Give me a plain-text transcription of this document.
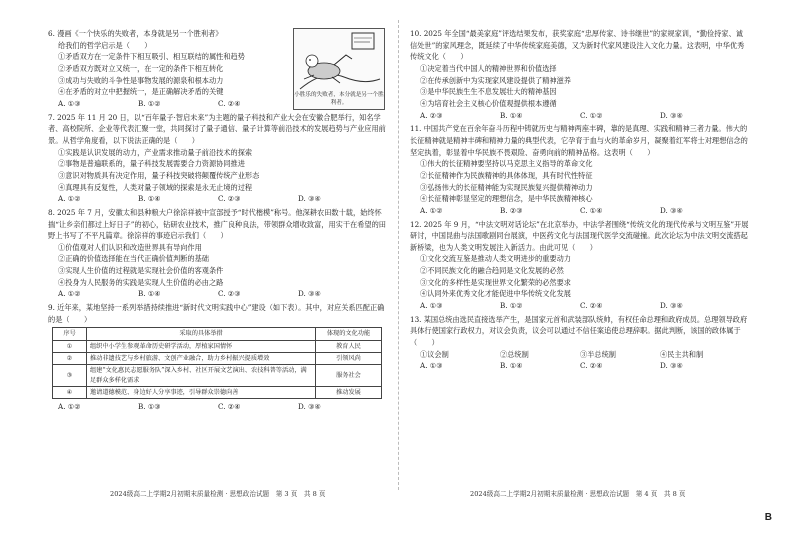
6. 漫画《一个快乐的失败者，本身就是另一个胜利者》
给我们的哲学启示是（　　）
①矛盾双方在一定条件下相互吸引、相互联结的属性和趋势
②矛盾双方既对立又统一，在一定的条件下相互转化
③成功与失败的斗争性是事物发展的源泉和根本动力
④在矛盾的对立中把握统一，是正确解决矛盾的关键
A. ①③	B. ①②	C. ②④
小胜乐的失败者，本分就是另一个胜利者。
7. 2025 年 11 月 20 日，以“百年量子·智启未来”为主题的量子科技和产业大会在安徽合肥举行，知名学者、高校院所、企业等代表汇聚一堂，共同探讨了量子通信、量子计算等前沿技术的发展趋势与产业应用前景。从哲学角度看，以下说法正确的是（　　）
①实践是认识发展的动力，产业需求推动量子前沿技术的探索
②事物是普遍联系的，量子科技发展需要合力资源协同推进
③意识对物质具有决定作用，量子科技突破将颠覆传统产业形态
④真理具有反复性，人类对量子领域的探索是永无止境的过程
A. ①②	B. ①④	C. ②③	D. ③④
8. 2025 年 7 月，安徽太和县种粮大户徐淙祥被中宣部授予“时代楷模”称号。他深耕农田数十载，始终怀揣“让乡亲们都过上好日子”的初心，钻研农业技术，推广良种良法，带领群众增收致富，用实干在希望的田野上书写了不平凡篇章。徐淙祥的事迹启示我们（　　）
①价值观对人们认识和改造世界具有导向作用
②正确的价值选择能在当代正确价值判断的基础
③实现人生价值的过程就是实现社会价值的客观条件
④投身为人民服务的实践是实现人生价值的必由之路
A. ①②	B. ①④	C. ②③	D. ③④
9. 近年来，某地坚持一系列举措持续推进“新时代文明实践中心”建设（如下表）。其中，对应关系匹配正确的是（　　）
序号	采取的具体举措	体现的文化功能
①	组织中小学生参观革命历史研学活动，厚植家国情怀	教育人民
②	推动非遗技艺与乡村旅游、文创产业融合，助力乡村振兴提质增效	引领风尚
③	组建“文化惠民志愿服务队”深入乡村、社区开展文艺演出、农技科普等活动，满足群众多样化需求	服务社会
④	邀请道德模范、身边好人分享事迹，引导群众崇德向善	推动发展
A. ①②	B. ①③	C. ②④	D. ③④
10. 2025 年全国“最美家庭”评选结果发布，获奖家庭“忠厚传家、诗书继世”的家规家训，“勤俭持家、诚信处世”的家风理念，既延续了中华传统家庭美德，又为新时代家风建设注入文化力量。这表明，中华优秀传统文化（　　）
①决定着当代中国人的精神世界和价值选择
②在传承创新中为实现家风建设提供了精神滋养
③是中华民族生生不息发展壮大的精神基因
④为培育社会主义核心价值观提供根本遵循
A. ②③	B. ①④	C. ①②	D. ③④
11. 中国共产党在百余年奋斗历程中铸就历史与精神两座丰碑，靠的是真理、实践和精神三者力量。伟大的长征精神就是精神丰碑和精神力量的典型代表，它孕育于血与火的革命岁月，凝聚着红军将士对理想信念的坚定执着，彰显着中华民族不畏艰险、奋勇向前的精神品格。这表明（　　）
①伟大的长征精神要坚持以马克思主义指导的革命文化
②长征精神作为民族精神的具体体现，具有时代性特征
③弘扬伟大的长征精神能为实现民族复兴提供精神动力
④长征精神彰显坚定的理想信念，是中华民族精神核心
A. ①②	B. ②③	C. ①④	D. ③④
12. 2025 年 9 月，“中法文明对话论坛”在北京举办，中法学者围绕“传统文化的现代传承与文明互鉴”开展研讨，中国昆曲与法国歌剧同台展演，中医药文化与法国现代医学交流碰撞。此次论坛为中法文明交流搭起新桥梁，也为人类文明发展注入新活力。由此可见（　　）
①文化交流互鉴是推动人类文明进步的重要动力
②不同民族文化的融合趋同是文化发展的必然
③文化的多样性是实现世界文化繁荣的必然要求
④认同外来优秀文化才能促进中华传统文化发展
A. ①③	B. ①②	C. ②④	D. ③④
13. 某国总统由选民直接选举产生，是国家元首和武装部队统帅，有权任命总理和政府成员。总理领导政府具体行使国家行政权力，对议会负责，议会可以通过不信任案追使总理辞职。据此判断，该国的政体属于（　　）
①议会制	②总统制	③半总统制	④民主共和制
A. ①③	B. ①④	C. ②④	D. ③④
2024级高二上学期2月初期末质量检测 · 思想政治试题　第 3 页　共 8 页	2024级高二上学期2月初期末质量检测 · 思想政治试题　第 4 页　共 8 页
B
